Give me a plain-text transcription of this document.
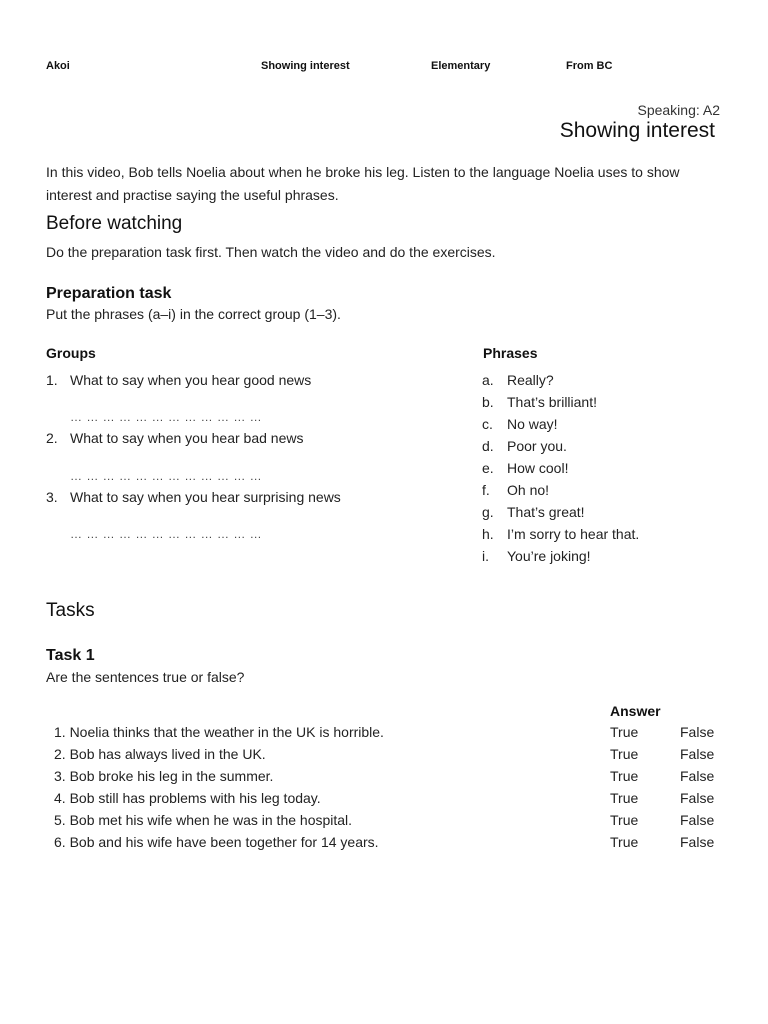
Akoi	Showing interest	Elementary	From BC
Speaking: A2
Showing interest
In this video, Bob tells Noelia about when he broke his leg. Listen to the language Noelia uses to show interest and practise saying the useful phrases.
Before watching
Do the preparation task first. Then watch the video and do the exercises.
Preparation task
Put the phrases (a–i) in the correct group (1–3).
Groups	Phrases
1. What to say when you hear good news
… … … … … … … … … … … …
2. What to say when you hear bad news
… … … … … … … … … … … …
3. What to say when you hear surprising news
… … … … … … … … … … … …
a. Really?
b. That’s brilliant!
c. No way!
d. Poor you.
e. How cool!
f. Oh no!
g. That’s great!
h. I’m sorry to hear that.
i. You’re joking!
Tasks
Task 1
Are the sentences true or false?
Answer
1. Noelia thinks that the weather in the UK is horrible.	True	False
2. Bob has always lived in the UK.	True	False
3. Bob broke his leg in the summer.	True	False
4. Bob still has problems with his leg today.	True	False
5. Bob met his wife when he was in the hospital.	True	False
6. Bob and his wife have been together for 14 years.	True	False
